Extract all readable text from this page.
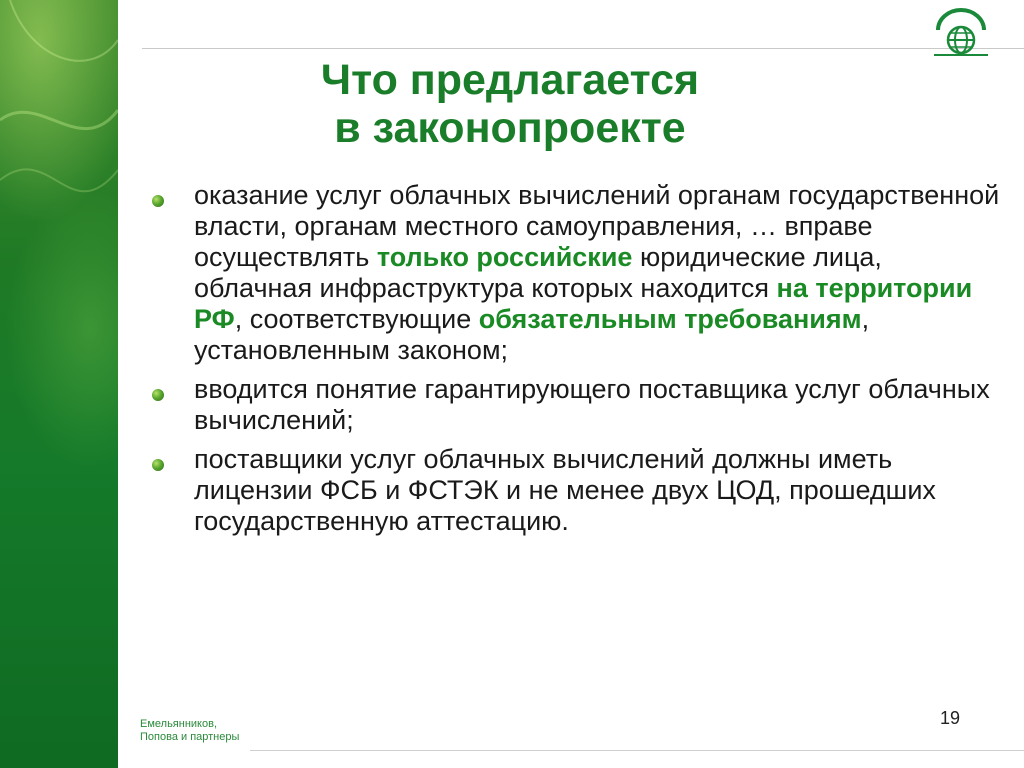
Что предлагается
в законопроекте
оказание услуг облачных вычислений органам государственной власти, органам местного самоуправления, … вправе осуществлять только российские юридические лица, облачная инфраструктура которых находится на территории РФ, соответствующие обязательным требованиям, установленным законом;
вводится понятие гарантирующего поставщика услуг облачных вычислений;
поставщики услуг облачных вычислений должны иметь лицензии ФСБ и ФСТЭК и не менее двух ЦОД, прошедших государственную аттестацию.
19
Емельянников,
Попова и партнеры
